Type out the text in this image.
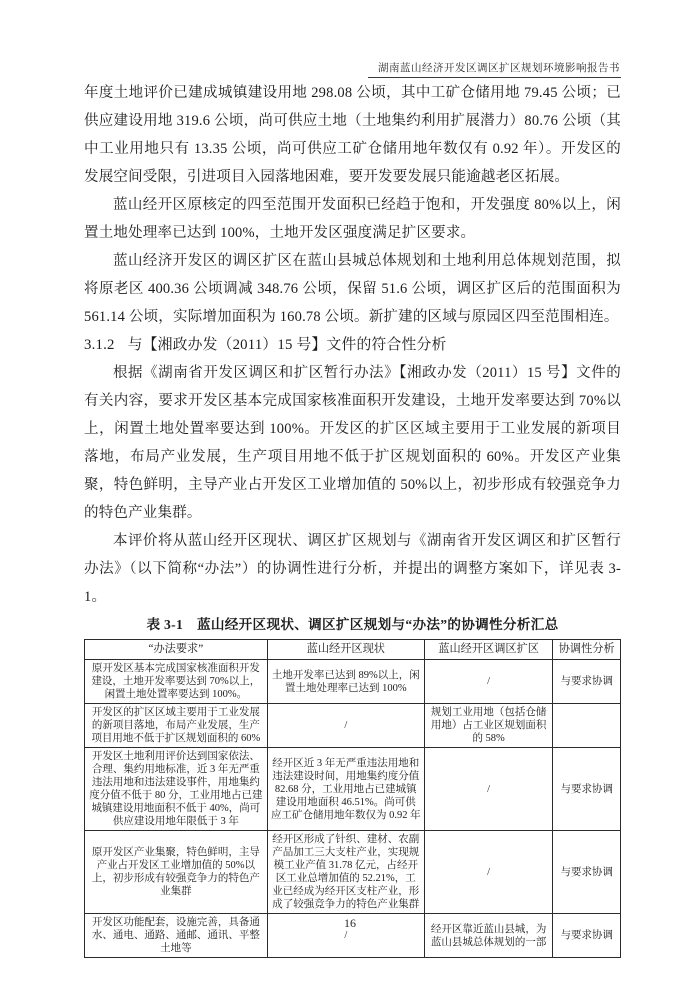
湖南蓝山经济开发区调区扩区规划环境影响报告书

年度土地评价已建成城镇建设用地 298.08 公顷，其中工矿仓储用地 79.45 公顷；已供应建设用地 319.6 公顷，尚可供应土地（土地集约利用扩展潜力）80.76 公顷（其中工业用地只有 13.35 公顷，尚可供应工矿仓储用地年数仅有 0.92 年）。开发区的发展空间受限，引进项目入园落地困难，要开发要发展只能逾越老区拓展。

蓝山经开区原核定的四至范围开发面积已经趋于饱和，开发强度 80%以上，闲置土地处理率已达到 100%，土地开发区强度满足扩区要求。

蓝山经济开发区的调区扩区在蓝山县城总体规划和土地利用总体规划范围，拟将原老区 400.36 公顷调减 348.76 公顷，保留 51.6 公顷，调区扩区后的范围面积为 561.14 公顷，实际增加面积为 160.78 公顷。新扩建的区域与原园区四至范围相连。

3.1.2 与【湘政办发（2011）15 号】文件的符合性分析

根据《湖南省开发区调区和扩区暂行办法》【湘政办发（2011）15 号】文件的有关内容，要求开发区基本完成国家核准面积开发建设，土地开发率要达到 70%以上，闲置土地处置率要达到 100%。开发区的扩区区域主要用于工业发展的新项目落地，布局产业发展，生产项目用地不低于扩区规划面积的 60%。开发区产业集聚，特色鲜明，主导产业占开发区工业增加值的 50%以上，初步形成有较强竞争力的特色产业集群。

本评价将从蓝山经开区现状、调区扩区规划与《湖南省开发区调区和扩区暂行办法》（以下简称“办法”）的协调性进行分析，并提出的调整方案如下，详见表 3-1。

表 3-1　蓝山经开区现状、调区扩区规划与“办法”的协调性分析汇总
“办法要求”	蓝山经开区现状	蓝山经开区调区扩区	协调性分析
原开发区基本完成国家核准面积开发建设，土地开发率要达到 70%以上，闲置土地处置率要达到 100%。	土地开发率已达到 89%以上，闲置土地处理率已达到 100%	/	与要求协调
开发区的扩区区域主要用于工业发展的新项目落地，布局产业发展，生产项目用地不低于扩区规划面积的 60%	/	规划工业用地（包括仓储用地）占工业区规划面积的 58%	
开发区土地利用评价达到国家依法、合理、集约用地标准，近 3 年无严重违法用地和违法建设事件，用地集约度分值不低于 80 分，工业用地占已建城镇建设用地面积不低于 40%，尚可供应建设用地年限低于 3 年	经开区近 3 年无严重违法用地和违法建设时间，用地集约度分值 82.68 分，工业用地占已建城镇建设用地面积 46.51%。尚可供应工矿仓储用地年数仅为 0.92 年	/	与要求协调
原开发区产业集聚，特色鲜明，主导产业占开发区工业增加值的 50%以上，初步形成有较强竞争力的特色产业集群	经开区形成了针织、建材、农副产品加工三大支柱产业，实现规模工业产值 31.78 亿元，占经开区工业总增加值的 52.21%，工业已经成为经开区支柱产业，形成了较强竞争力的特色产业集群	/	与要求协调
开发区功能配套，设施完善，具备通水、通电、通路、通邮、通讯、平整土地等	/	经开区靠近蓝山县城，为蓝山县城总体规划的一部	与要求协调
16
